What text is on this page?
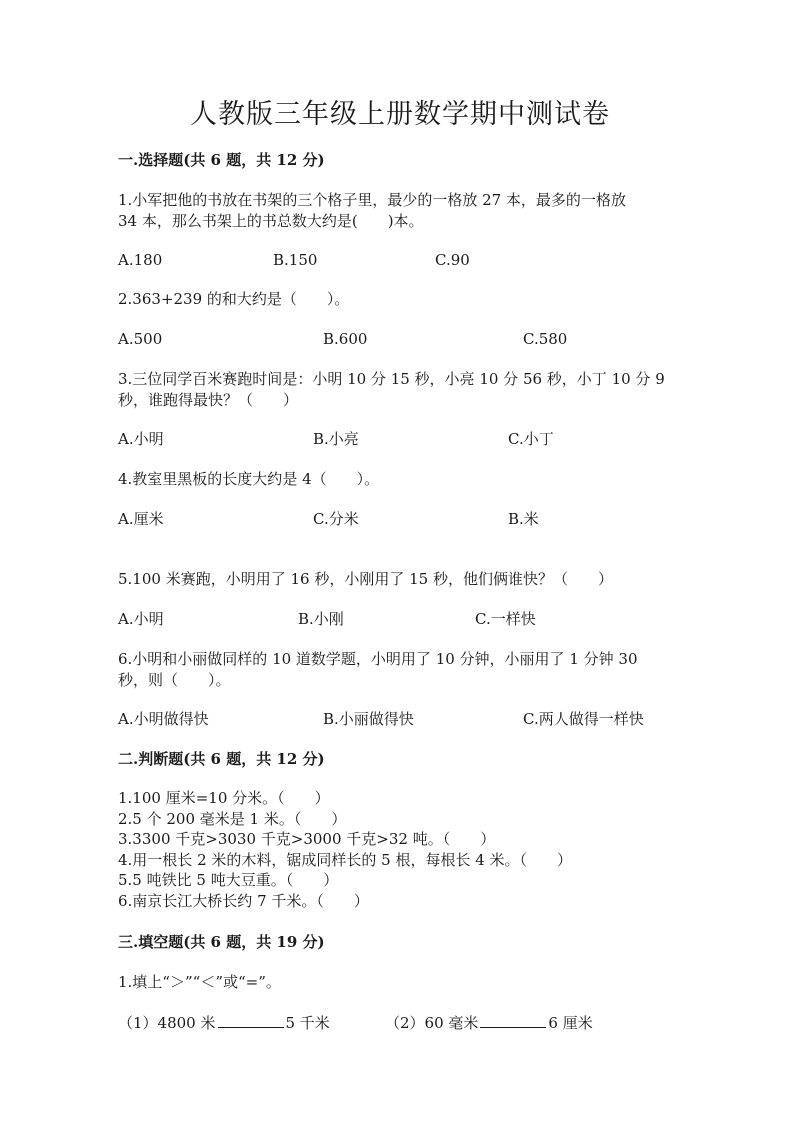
人教版三年级上册数学期中测试卷
一.选择题(共 6 题，共 12 分)
1.小军把他的书放在书架的三个格子里，最少的一格放 27 本，最多的一格放
34 本，那么书架上的书总数大约是(　　)本。
A.180	B.150	C.90
2.363+239 的和大约是（　　）。
A.500	B.600	C.580
3.三位同学百米赛跑时间是：小明 10 分 15 秒，小亮 10 分 56 秒，小丁 10 分 9
秒，谁跑得最快？（　　）
A.小明	B.小亮	C.小丁
4.教室里黑板的长度大约是 4（　　）。
A.厘米	C.分米	B.米
5.100 米赛跑，小明用了 16 秒，小刚用了 15 秒，他们俩谁快？（　　）
A.小明	B.小刚	C.一样快
6.小明和小丽做同样的 10 道数学题，小明用了 10 分钟，小丽用了 1 分钟 30
秒，则（　　）。
A.小明做得快	B.小丽做得快	C.两人做得一样快
二.判断题(共 6 题，共 12 分)
1.100 厘米=10 分米。（　　）
2.5 个 200 毫米是 1 米。（　　）
3.3300 千克>3030 千克>3000 千克>32 吨。（　　）
4.用一根长 2 米的木料，锯成同样长的 5 根，每根长 4 米。（　　）
5.5 吨铁比 5 吨大豆重。（　　）
6.南京长江大桥长约 7 千米。（　　）
三.填空题(共 6 题，共 19 分)
1.填上“＞”“＜”或“=”。
（1）4800 米	5 千米	（2）60 毫米	6 厘米
